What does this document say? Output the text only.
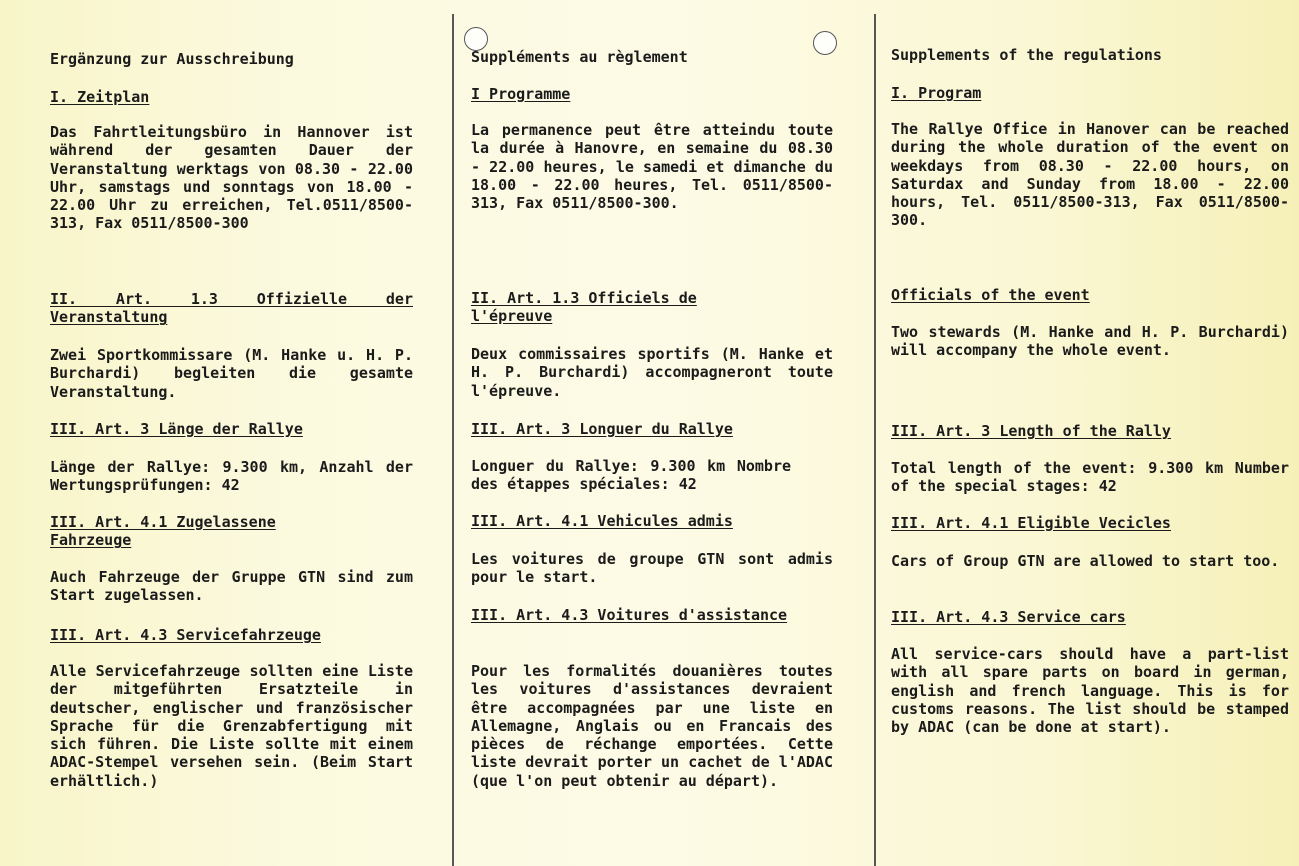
Ergänzung zur Ausschreibung
I. Zeitplan

Das Fahrtleitungsbüro in Hannover ist während der gesamten Dauer der Veranstaltung werktags von 08.30 - 22.00 Uhr, samstags und sonntags von 18.00 - 22.00 Uhr zu erreichen, Tel.0511/8500-313, Fax 0511/8500-300

II. Art. 1.3 Offizielle der Veranstaltung

Zwei Sportkommissare (M. Hanke u. H. P. Burchardi) begleiten die gesamte Veranstaltung.

III. Art. 3 Länge der Rallye

Länge der Rallye: 9.300 km, Anzahl der Wertungsprüfungen: 42

III. Art. 4.1 Zugelassene Fahrzeuge

Auch Fahrzeuge der Gruppe GTN sind zum Start zugelassen.

III. Art. 4.3 Servicefahrzeuge

Alle Servicefahrzeuge sollten eine Liste der mitgeführten Ersatzteile in deutscher, englischer und französischer Sprache für die Grenzabfertigung mit sich führen. Die Liste sollte mit einem ADAC-Stempel versehen sein. (Beim Start erhältlich.)

Suppléments au règlement
I Programme

La permanence peut être atteindu toute la durée à Hanovre, en semaine du 08.30 - 22.00 heures, le samedi et dimanche du 18.00 - 22.00 heures, Tel. 0511/8500-313, Fax 0511/8500-300.

II. Art. 1.3 Officiels de l'épreuve

Deux commissaires sportifs (M. Hanke et H. P. Burchardi) accompagneront toute l'épreuve.

III. Art. 3 Longuer du Rallye

Longuer du Rallye: 9.300 km Nombre des étappes spéciales: 42

III. Art. 4.1 Vehicules admis

Les voitures de groupe GTN sont admis pour le start.

III. Art. 4.3 Voitures d'assistance

Pour les formalités douanières toutes les voitures d'assistances devraient être accompagnées par une liste en Allemagne, Anglais ou en Francais des pièces de réchange emportées. Cette liste devrait porter un cachet de l'ADAC (que l'on peut obtenir au départ).

Supplements of the regulations
I. Program

The Rallye Office in Hanover can be reached during the whole duration of the event on weekdays from 08.30 - 22.00 hours, on Saturdax and Sunday from 18.00 - 22.00 hours, Tel. 0511/8500-313, Fax 0511/8500-300.

Officials of the event

Two stewards (M. Hanke and H. P. Burchardi) will accompany the whole event.

III. Art. 3 Length of the Rally

Total length of the event: 9.300 km Number of the special stages: 42

III. Art. 4.1 Eligible Vecicles

Cars of Group GTN are allowed to start too.

III. Art. 4.3 Service cars

All service-cars should have a part-list with all spare parts on board in german, english and french language. This is for customs reasons. The list should be stamped by ADAC (can be done at start).
